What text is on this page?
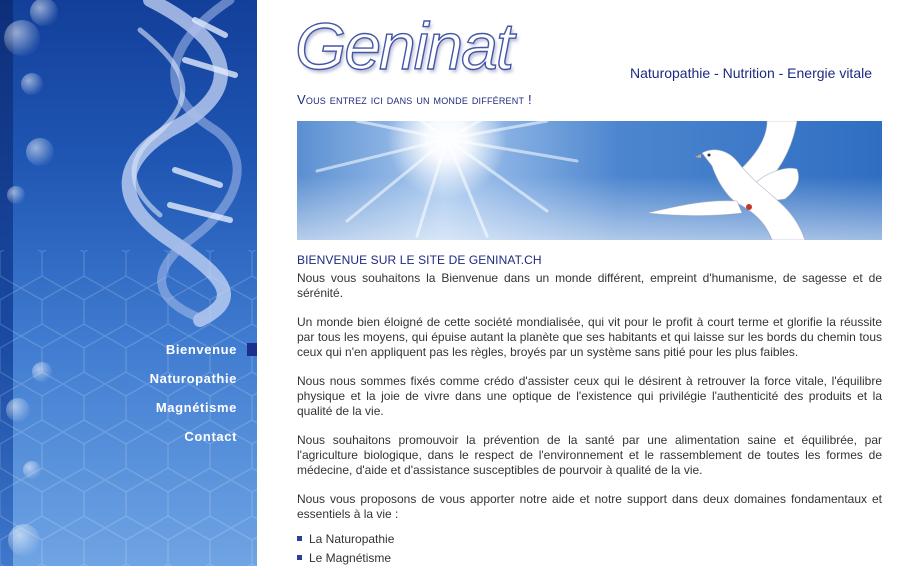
Bienvenue
Naturopathie
Magnétisme
Contact
Geninat	Naturopathie - Nutrition - Energie vitale
Vous entrez ici dans un monde différent !
BIENVENUE SUR LE SITE DE GENINAT.CH

Nous vous souhaitons la Bienvenue dans un monde différent, empreint d'humanisme, de sagesse et de sérénité.

Un monde bien éloigné de cette société mondialisée, qui vit pour le profit à court terme et glorifie la réussite par tous les moyens, qui épuise autant la planète que ses habitants et qui laisse sur les bords du chemin tous ceux qui n'en appliquent pas les règles, broyés par un système sans pitié pour les plus faibles.

Nous nous sommes fixés comme crédo d'assister ceux qui le désirent à retrouver la force vitale, l'équilibre physique et la joie de vivre dans une optique de l'existence qui privilégie l'authenticité des produits et la qualité de la vie.

Nous souhaitons promouvoir la prévention de la santé par une alimentation saine et équilibrée, par l'agriculture biologique, dans le respect de l'environnement et le rassemblement de toutes les formes de médecine, d'aide et d'assistance susceptibles de pourvoir à qualité de la vie.

Nous vous proposons de vous apporter notre aide et notre support dans deux domaines fondamentaux et essentiels à la vie :

La Naturopathie
Le Magnétisme
